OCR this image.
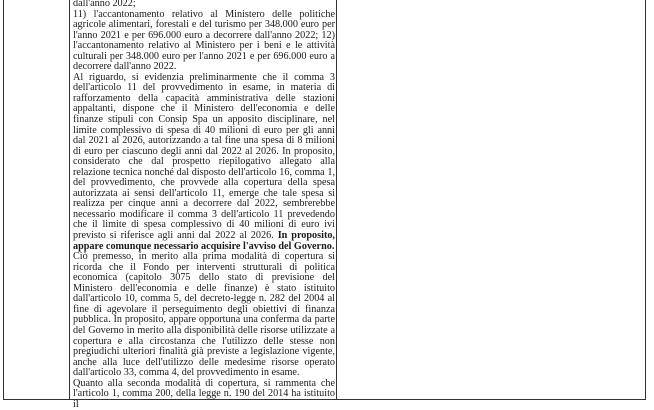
dall'anno 2022;

11) l'accantonamento relativo al Ministero delle politiche agricole alimentari, forestali e del turismo per 348.000 euro per l'anno 2021 e per 696.000 euro a decorrere dall'anno 2022; 12) l'accantonamento relativo al Ministero per i beni e le attività culturali per 348.000 euro per l'anno 2021 e per 696.000 euro a decorrere dall'anno 2022.

Al riguardo, si evidenzia preliminarmente che il comma 3 dell'articolo 11 del provvedimento in esame, in materia di rafforzamento della capacità amministrativa delle stazioni appaltanti, dispone che il Ministero dell'economia e delle finanze stipuli con Consip Spa un apposito disciplinare, nel limite complessivo di spesa di 40 milioni di euro per gli anni dal 2021 al 2026, autorizzando a tal fine una spesa di 8 milioni di euro per ciascuno degli anni dal 2022 al 2026. In proposito, considerato che dal prospetto riepilogativo allegato alla relazione tecnica nonché dal disposto dell'articolo 16, comma 1, del provvedimento, che provvede alla copertura della spesa autorizzata ai sensi dell'articolo 11, emerge che tale spesa si realizza per cinque anni a decorrere dal 2022, sembrerebbe necessario modificare il comma 3 dell'articolo 11 prevedendo che il limite di spesa complessivo di 40 milioni di euro ivi previsto si riferisce agli anni dal 2022 al 2026. In proposito, appare comunque necessario acquisire l'avviso del Governo.

Ciò premesso, in merito alla prima modalità di copertura si ricorda che il Fondo per interventi strutturali di politica economica (capitolo 3075 dello stato di previsione del Ministero dell'economia e delle finanze) è stato istituito dall'articolo 10, comma 5, del decreto-legge n. 282 del 2004 al fine di agevolare il perseguimento degli obiettivi di finanza pubblica. In proposito, appare opportuna una conferma da parte del Governo in merito alla disponibilità delle risorse utilizzate a copertura e alla circostanza che l'utilizzo delle stesse non pregiudichi ulteriori finalità già previste a legislazione vigente, anche alla luce dell'utilizzo delle medesime risorse operato dall'articolo 33, comma 4, del provvedimento in esame.

Quanto alla seconda modalità di copertura, si rammenta che l'articolo 1, comma 200, della legge n. 190 del 2014 ha istituito il
